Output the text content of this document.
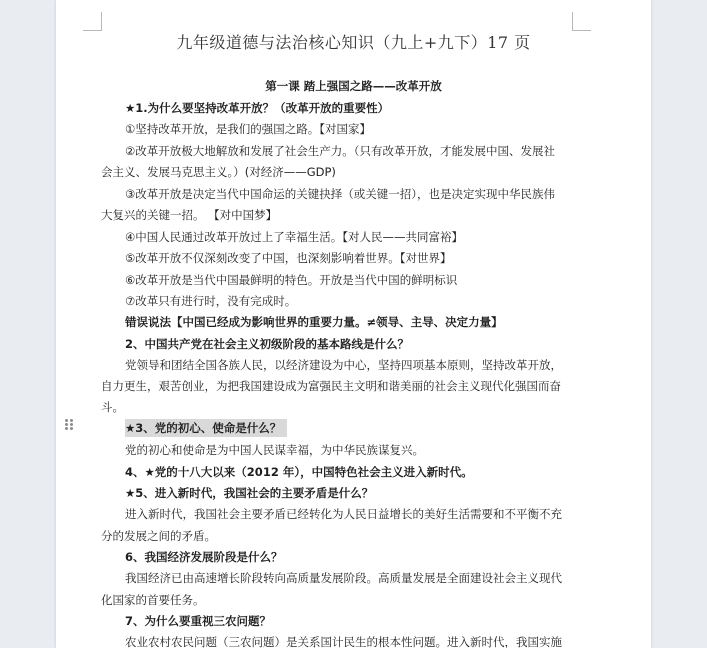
九年级道德与法治核心知识（九上+九下）17 页
第一课 踏上强国之路——改革开放
★1.为什么要坚持改革开放？（改革开放的重要性）
①坚持改革开放，是我们的强国之路。【对国家】
②改革开放极大地解放和发展了社会生产力。（只有改革开放，才能发展中国、发展社
会主义、发展马克思主义。）(对经济——GDP)
③改革开放是决定当代中国命运的关键抉择（或关键一招），也是决定实现中华民族伟
大复兴的关键一招。 【对中国梦】
④中国人民通过改革开放过上了幸福生活。【对人民——共同富裕】
⑤改革开放不仅深刻改变了中国，也深刻影响着世界。【对世界】
⑥改革开放是当代中国最鲜明的特色。开放是当代中国的鲜明标识
⑦改革只有进行时，没有完成时。
错误说法【中国已经成为影响世界的重要力量。≠领导、主导、决定力量】
2、中国共产党在社会主义初级阶段的基本路线是什么？
党领导和团结全国各族人民，以经济建设为中心，坚持四项基本原则，坚持改革开放，
自力更生，艰苦创业，为把我国建设成为富强民主文明和谐美丽的社会主义现代化强国而奋
斗。
★3、党的初心、使命是什么？
党的初心和使命是为中国人民谋幸福，为中华民族谋复兴。
4、★党的十八大以来（2012 年），中国特色社会主义进入新时代。
★5、进入新时代，我国社会的主要矛盾是什么？
进入新时代，我国社会主要矛盾已经转化为人民日益增长的美好生活需要和不平衡不充
分的发展之间的矛盾。
6、我国经济发展阶段是什么？
我国经济已由高速增长阶段转向高质量发展阶段。高质量发展是全面建设社会主义现代
化国家的首要任务。
7、为什么要重视三农问题？
农业农村农民问题（三农问题）是关系国计民生的根本性问题。进入新时代，我国实施
